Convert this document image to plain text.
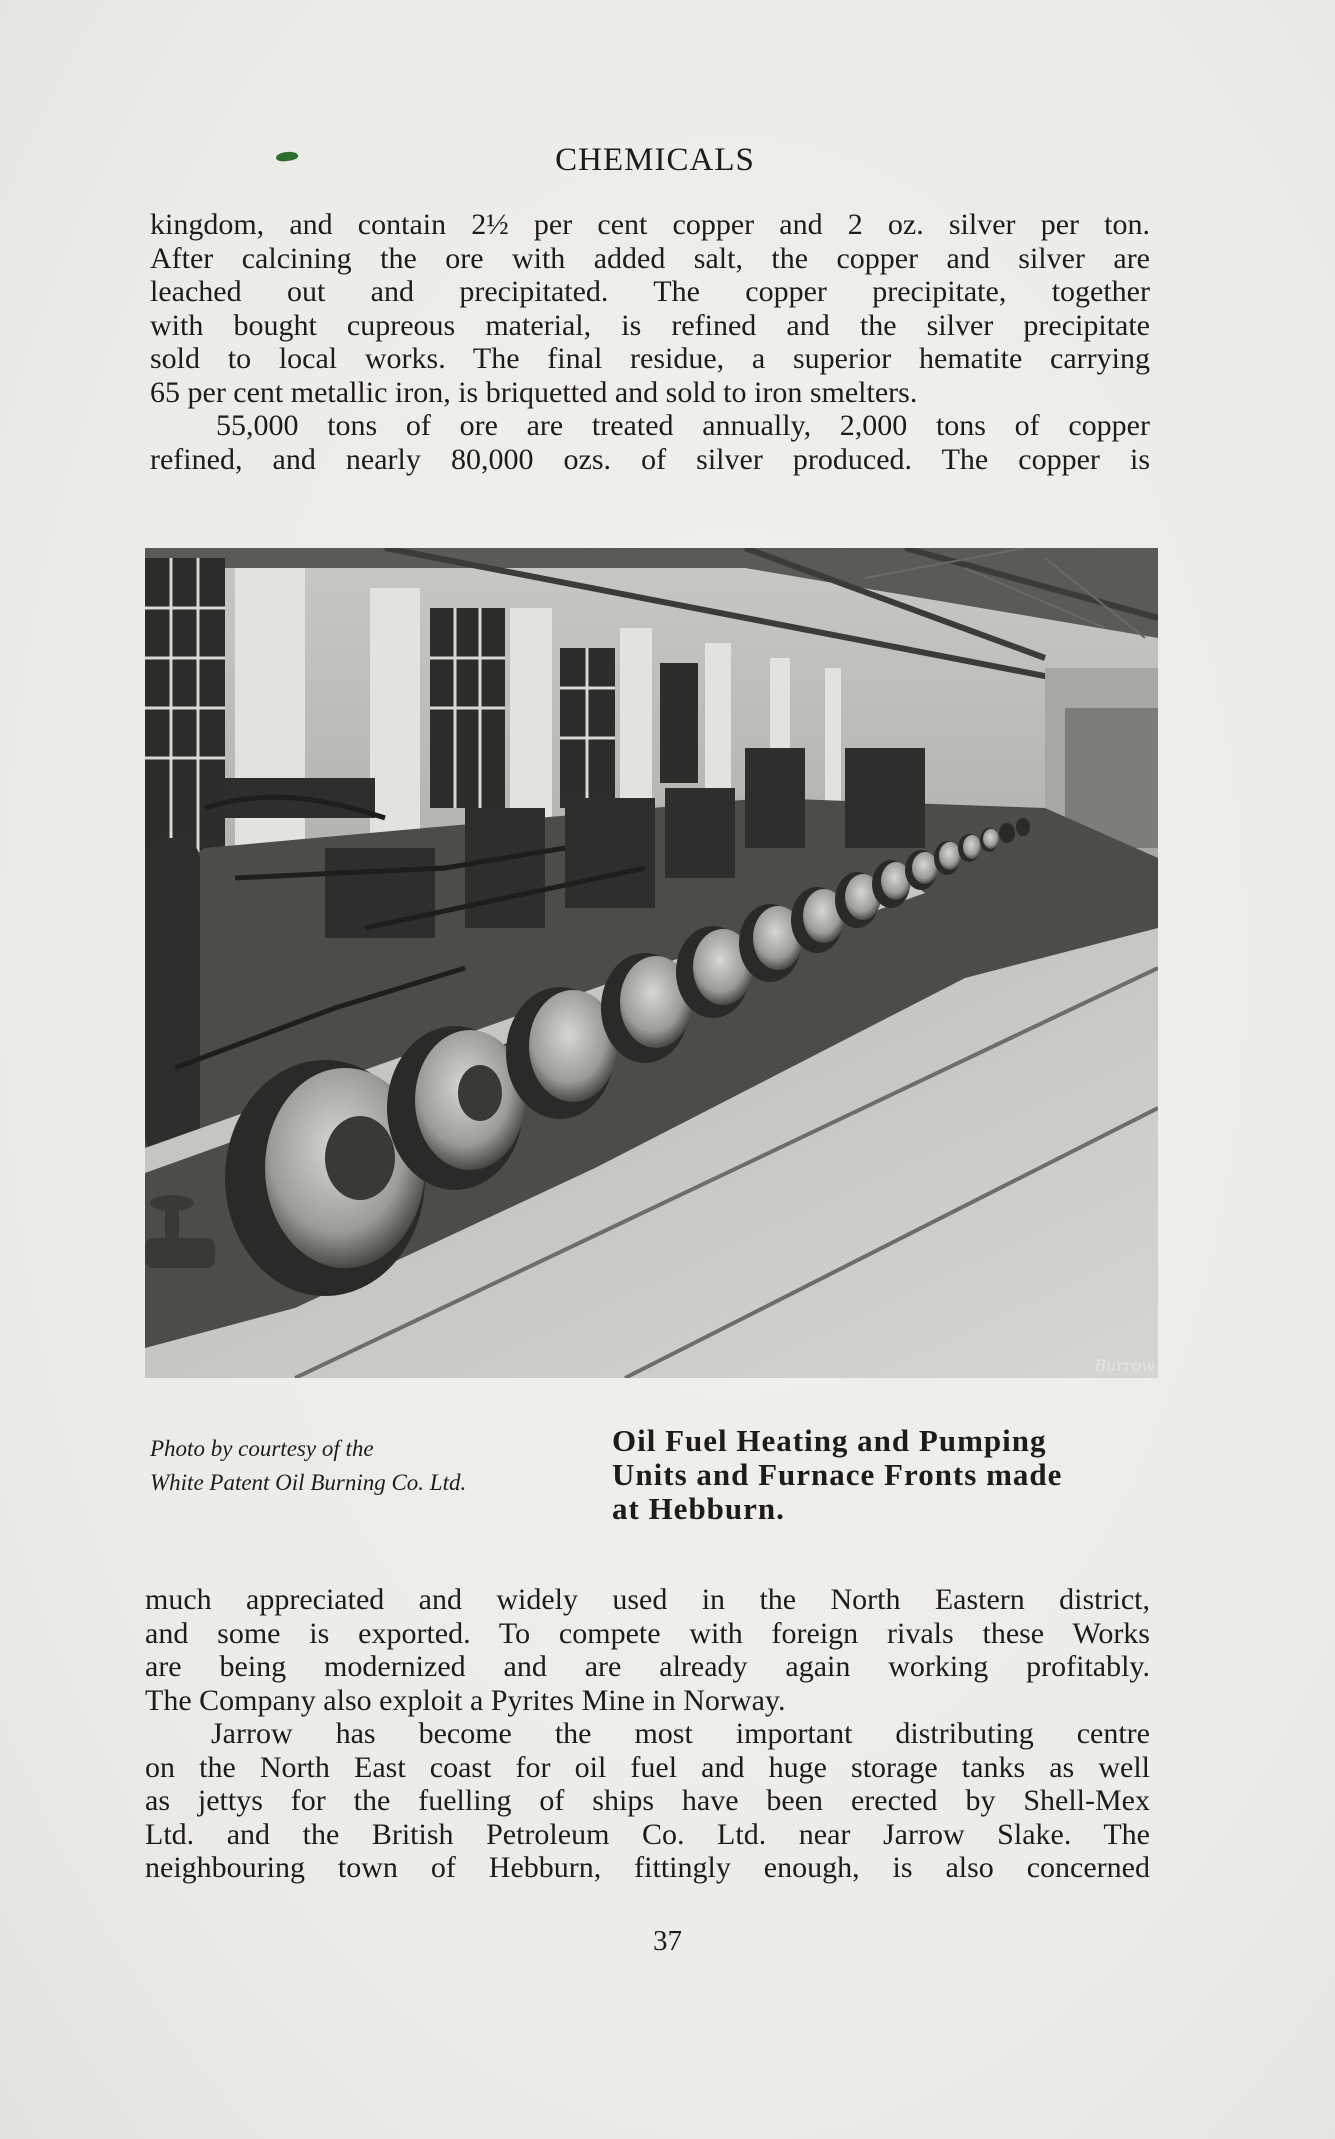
CHEMICALS
kingdom, and contain 2½ per cent copper and 2 oz. silver per ton.
After calcining the ore with added salt, the copper and silver are
leached out and precipitated. The copper precipitate, together
with bought cupreous material, is refined and the silver precipitate
sold to local works. The final residue, a superior hematite carrying
65 per cent metallic iron, is briquetted and sold to iron smelters.
55,000 tons of ore are treated annually, 2,000 tons of copper
refined, and nearly 80,000 ozs. of silver produced. The copper is
Burrow
Photo by courtesy of the
White Patent Oil Burning Co. Ltd.
Oil Fuel Heating and Pumping
Units and Furnace Fronts made
at Hebburn.
much appreciated and widely used in the North Eastern district,
and some is exported. To compete with foreign rivals these Works
are being modernized and are already again working profitably.
The Company also exploit a Pyrites Mine in Norway.
Jarrow has become the most important distributing centre
on the North East coast for oil fuel and huge storage tanks as well
as jettys for the fuelling of ships have been erected by Shell-Mex
Ltd. and the British Petroleum Co. Ltd. near Jarrow Slake. The
neighbouring town of Hebburn, fittingly enough, is also concerned
37
